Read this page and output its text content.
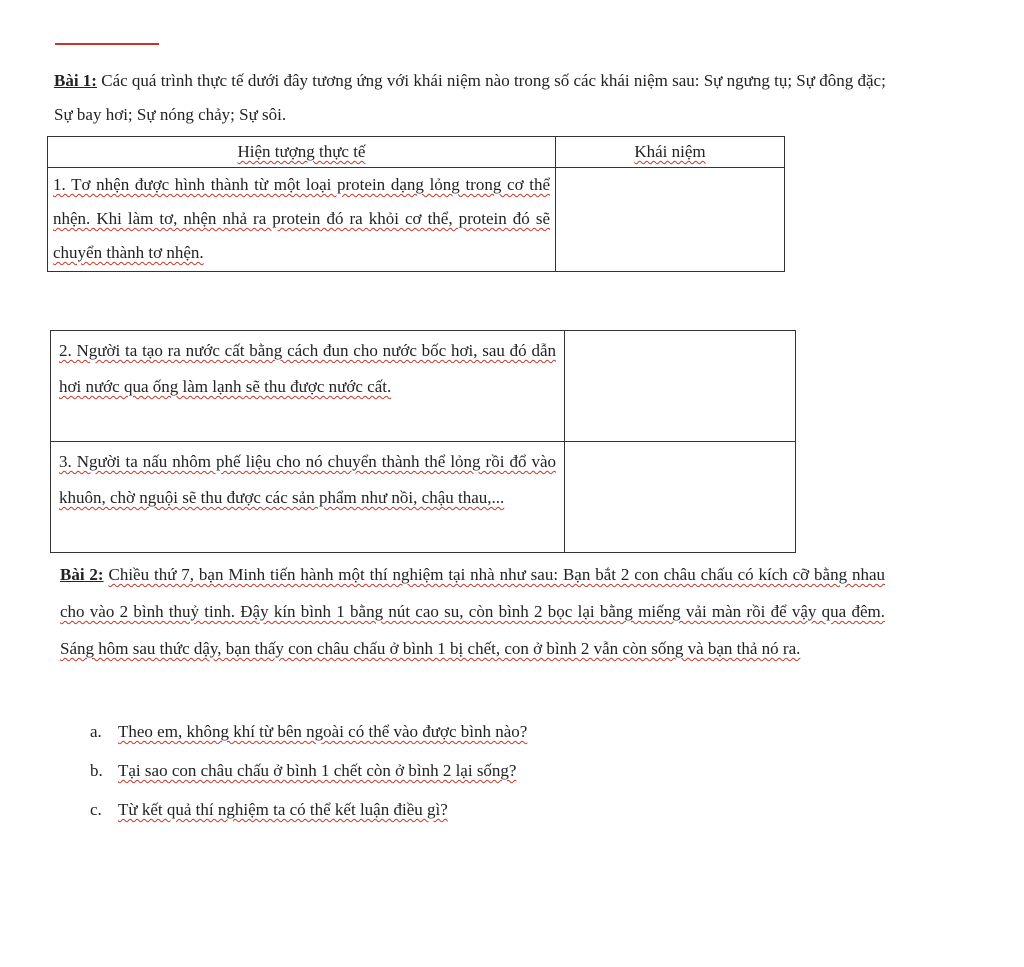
Bài 1: Các quá trình thực tế dưới đây tương ứng với khái niệm nào trong số các khái niệm sau: Sự ngưng tụ; Sự đông đặc; Sự bay hơi; Sự nóng chảy; Sự sôi.

Hiện tượng thực tế	Khái niệm
1. Tơ nhện được hình thành từ một loại protein dạng lỏng trong cơ thể nhện. Khi làm tơ, nhện nhả ra protein đó ra khỏi cơ thể, protein đó sẽ chuyển thành tơ nhện.	
2. Người ta tạo ra nước cất bằng cách đun cho nước bốc hơi, sau đó dẫn hơi nước qua ống làm lạnh sẽ thu được nước cất.	
3. Người ta nấu nhôm phế liệu cho nó chuyển thành thể lỏng rồi đổ vào khuôn, chờ nguội sẽ thu được các sản phẩm như nồi, chậu thau,...	

Bài 2: Chiều thứ 7, bạn Minh tiến hành một thí nghiệm tại nhà như sau: Bạn bắt 2 con châu chấu có kích cỡ bằng nhau cho vào 2 bình thuỷ tinh. Đậy kín bình 1 bằng nút cao su, còn bình 2 bọc lại bằng miếng vải màn rồi để vậy qua đêm. Sáng hôm sau thức dậy, bạn thấy con châu chấu ở bình 1 bị chết, con ở bình 2 vẫn còn sống và bạn thả nó ra.

a. Theo em, không khí từ bên ngoài có thể vào được bình nào?
b. Tại sao con châu chấu ở bình 1 chết còn ở bình 2 lại sống?
c. Từ kết quả thí nghiệm ta có thể kết luận điều gì?
